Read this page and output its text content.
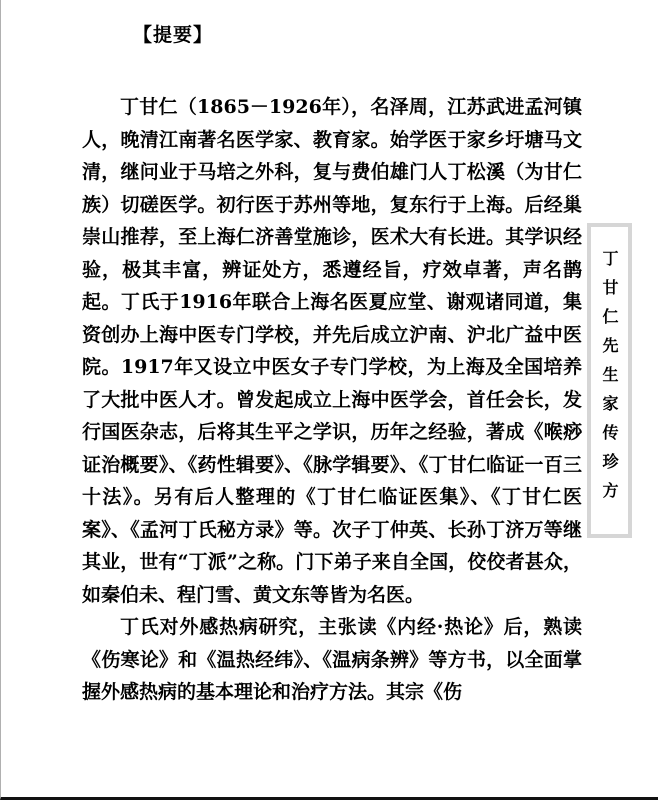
【提要】

丁甘仁（1865－1926年），名泽周，江苏武进孟河镇人，晚清江南著名医学家、教育家。始学医于家乡圩塘马文清，继问业于马培之外科，复与费伯雄门人丁松溪（为甘仁族）切磋医学。初行医于苏州等地，复东行于上海。后经巢崇山推荐，至上海仁济善堂施诊，医术大有长进。其学识经验，极其丰富，辨证处方，悉遵经旨，疗效卓著，声名鹊起。丁氏于1916年联合上海名医夏应堂、谢观诸同道，集资创办上海中医专门学校，并先后成立沪南、沪北广益中医院。1917年又设立中医女子专门学校，为上海及全国培养了大批中医人才。曾发起成立上海中医学会，首任会长，发行国医杂志，后将其生平之学识，历年之经验，著成《喉痧证治概要》、《药性辑要》、《脉学辑要》、《丁甘仁临证一百三十法》。另有后人整理的《丁甘仁临证医集》、《丁甘仁医案》、《孟河丁氏秘方录》等。次子丁仲英、长孙丁济万等继其业，世有“丁派”之称。门下弟子来自全国，佼佼者甚众，如秦伯未、程门雪、黄文东等皆为名医。

丁氏对外感热病研究，主张读《内经·热论》后，熟读《伤寒论》和《温热经纬》、《温病条辨》等方书，以全面掌握外感热病的基本理论和治疗方法。其宗《伤

丁甘仁先生家传珍方
